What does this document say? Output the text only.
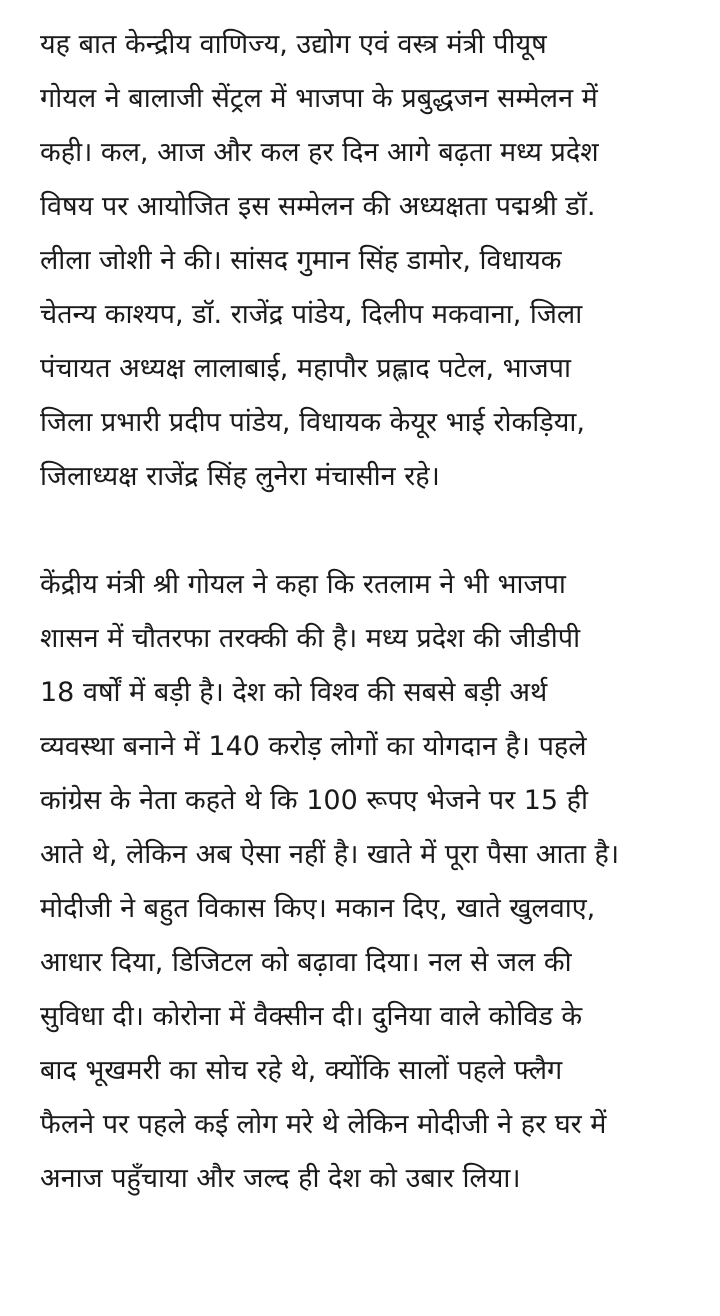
यह बात केन्द्रीय वाणिज्य, उद्योग एवं वस्त्र मंत्री पीयूष
गोयल ने बालाजी सेंट्रल में भाजपा के प्रबुद्धजन सम्मेलन में
कही। कल, आज और कल हर दिन आगे बढ़ता मध्य प्रदेश
विषय पर आयोजित इस सम्मेलन की अध्यक्षता पद्मश्री डॉ.
लीला जोशी ने की। सांसद गुमान सिंह डामोर, विधायक
चेतन्य काश्यप, डॉ. राजेंद्र पांडेय, दिलीप मकवाना, जिला
पंचायत अध्यक्ष लालाबाई, महापौर प्रह्लाद पटेल, भाजपा
जिला प्रभारी प्रदीप पांडेय, विधायक केयूर भाई रोकड़िया,
जिलाध्यक्ष राजेंद्र सिंह लुनेरा मंचासीन रहे।

केंद्रीय मंत्री श्री गोयल ने कहा कि रतलाम ने भी भाजपा
शासन में चौतरफा तरक्की की है। मध्य प्रदेश की जीडीपी
18 वर्षों में बड़ी है। देश को विश्व की सबसे बड़ी अर्थ
व्यवस्था बनाने में 140 करोड़ लोगों का योगदान है। पहले
कांग्रेस के नेता कहते थे कि 100 रूपए भेजने पर 15 ही
आते थे, लेकिन अब ऐसा नहीं है। खाते में पूरा पैसा आता है।
मोदीजी ने बहुत विकास किए। मकान दिए, खाते खुलवाए,
आधार दिया, डिजिटल को बढ़ावा दिया। नल से जल की
सुविधा दी। कोरोना में वैक्सीन दी। दुनिया वाले कोविड के
बाद भूखमरी का सोच रहे थे, क्योंकि सालों पहले फ्लैग
फैलने पर पहले कई लोग मरे थे लेकिन मोदीजी ने हर घर में
अनाज पहुँचाया और जल्द ही देश को उबार लिया।
